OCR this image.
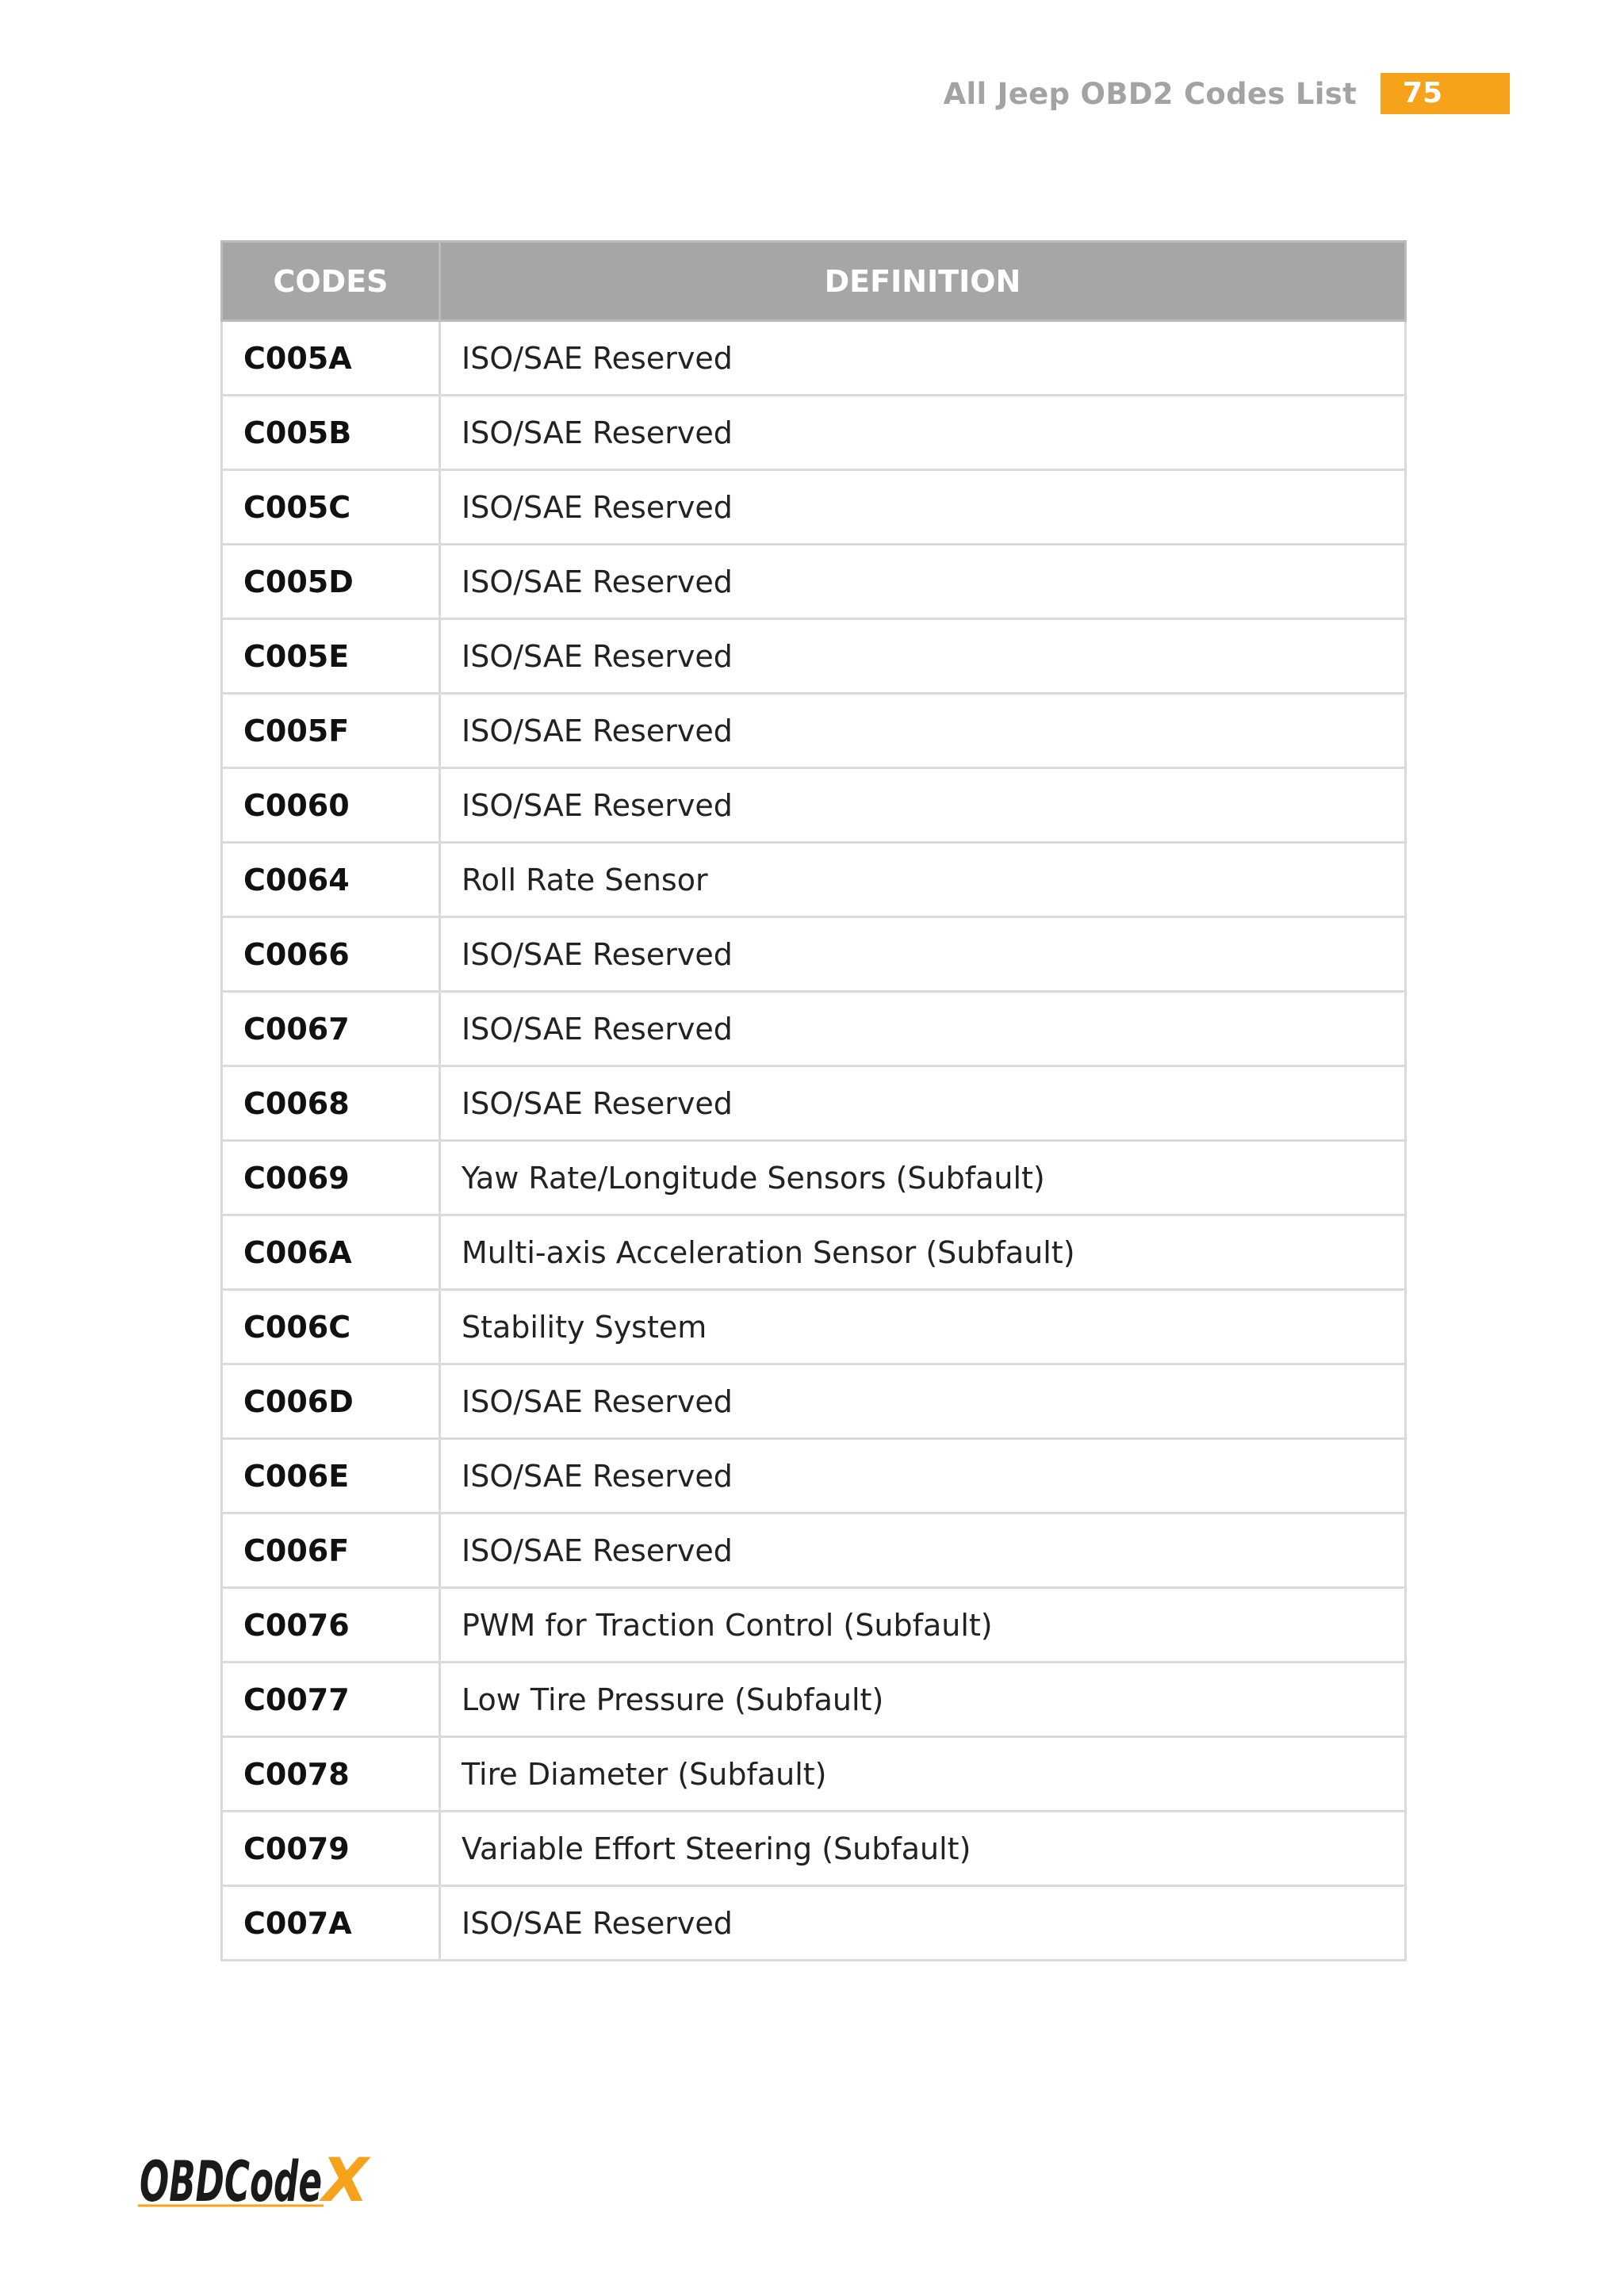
All Jeep OBD2 Codes List	75
CODES	DEFINITION
C005A	ISO/SAE Reserved
C005B	ISO/SAE Reserved
C005C	ISO/SAE Reserved
C005D	ISO/SAE Reserved
C005E	ISO/SAE Reserved
C005F	ISO/SAE Reserved
C0060	ISO/SAE Reserved
C0064	Roll Rate Sensor
C0066	ISO/SAE Reserved
C0067	ISO/SAE Reserved
C0068	ISO/SAE Reserved
C0069	Yaw Rate/Longitude Sensors (Subfault)
C006A	Multi-axis Acceleration Sensor (Subfault)
C006C	Stability System
C006D	ISO/SAE Reserved
C006E	ISO/SAE Reserved
C006F	ISO/SAE Reserved
C0076	PWM for Traction Control (Subfault)
C0077	Low Tire Pressure (Subfault)
C0078	Tire Diameter (Subfault)
C0079	Variable Effort Steering (Subfault)
C007A	ISO/SAE Reserved
OBDCode X
